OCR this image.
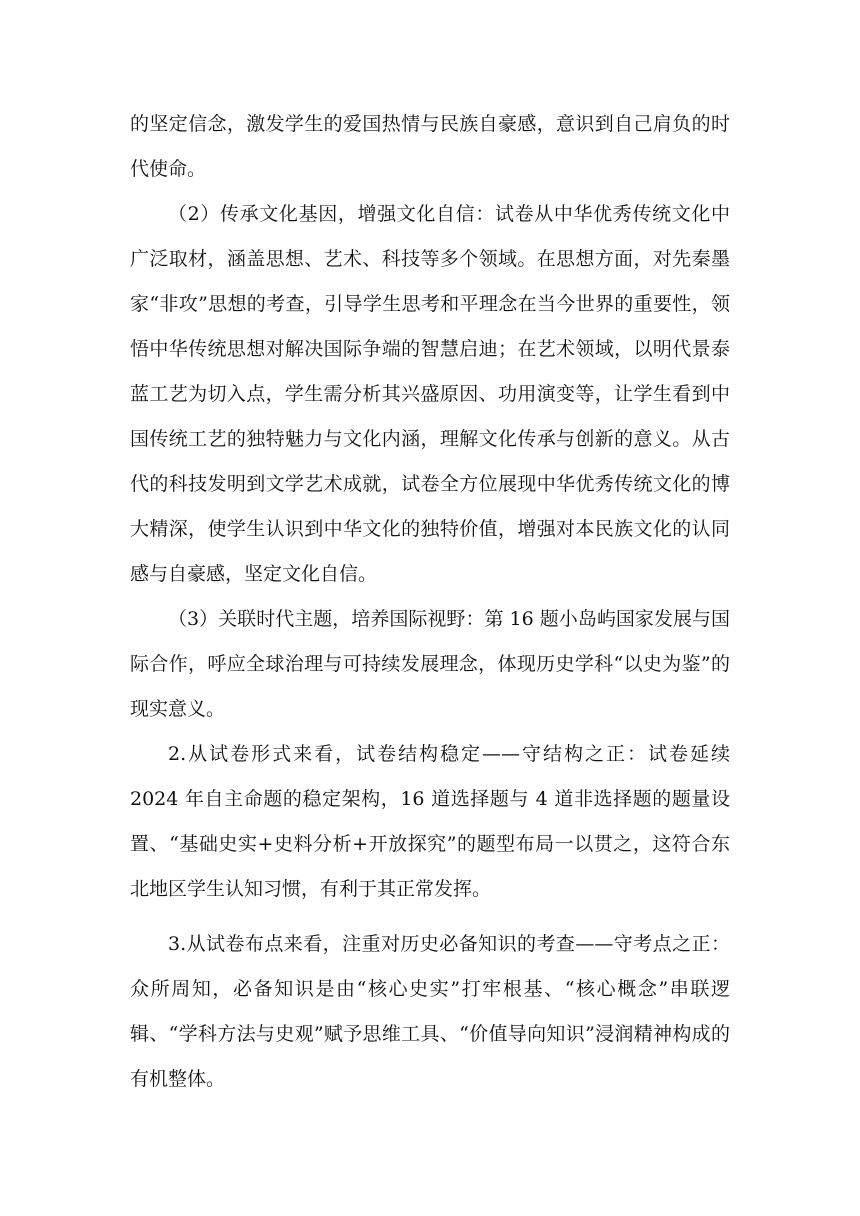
的坚定信念，激发学生的爱国热情与民族自豪感，意识到自己肩负的时代使命。

（2）传承文化基因，增强文化自信：试卷从中华优秀传统文化中广泛取材，涵盖思想、艺术、科技等多个领域。在思想方面，对先秦墨家“非攻”思想的考查，引导学生思考和平理念在当今世界的重要性，领悟中华传统思想对解决国际争端的智慧启迪；在艺术领域，以明代景泰蓝工艺为切入点，学生需分析其兴盛原因、功用演变等，让学生看到中国传统工艺的独特魅力与文化内涵，理解文化传承与创新的意义。从古代的科技发明到文学艺术成就，试卷全方位展现中华优秀传统文化的博大精深，使学生认识到中华文化的独特价值，增强对本民族文化的认同感与自豪感，坚定文化自信。

（3）关联时代主题，培养国际视野：第 16 题小岛屿国家发展与国际合作，呼应全球治理与可持续发展理念，体现历史学科“以史为鉴”的现实意义。

2.从试卷形式来看，试卷结构稳定——守结构之正：试卷延续 2024 年自主命题的稳定架构，16 道选择题与 4 道非选择题的题量设置、“基础史实+史料分析+开放探究”的题型布局一以贯之，这符合东北地区学生认知习惯，有利于其正常发挥。

3.从试卷布点来看，注重对历史必备知识的考查——守考点之正：众所周知，必备知识是由“核心史实”打牢根基、“核心概念”串联逻辑、“学科方法与史观”赋予思维工具、“价值导向知识”浸润精神构成的有机整体。
